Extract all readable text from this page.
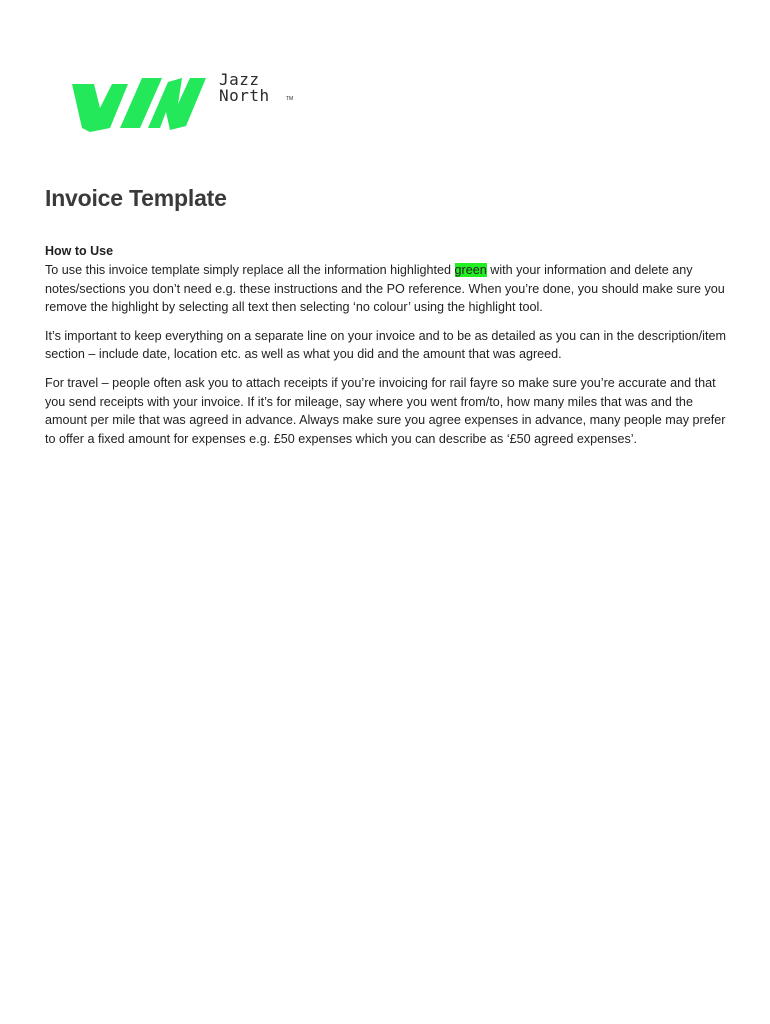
Jazz
North	TM
Invoice Template
How to Use

To use this invoice template simply replace all the information highlighted green with your information and delete any notes/sections you don’t need e.g. these instructions and the PO reference. When you’re done, you should make sure you remove the highlight by selecting all text then selecting ‘no colour’ using the highlight tool.

It’s important to keep everything on a separate line on your invoice and to be as detailed as you can in the description/item section – include date, location etc. as well as what you did and the amount that was agreed.

For travel – people often ask you to attach receipts if you’re invoicing for rail fayre so make sure you’re accurate and that you send receipts with your invoice. If it’s for mileage, say where you went from/to, how many miles that was and the amount per mile that was agreed in advance. Always make sure you agree expenses in advance, many people may prefer to offer a fixed amount for expenses e.g. £50 expenses which you can describe as ‘£50 agreed expenses’.
